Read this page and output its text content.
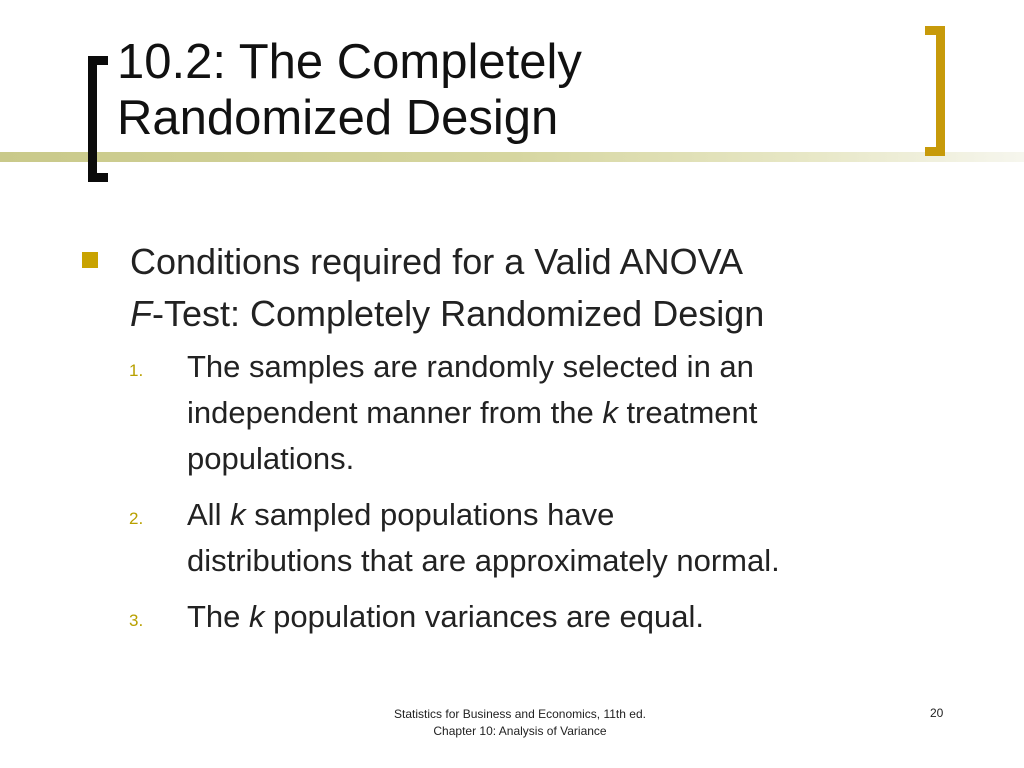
10.2: The Completely
Randomized Design
Conditions required for a Valid ANOVA
F-Test: Completely Randomized Design
1. The samples are randomly selected in an
independent manner from the k treatment
populations.
2. All k sampled populations have
distributions that are approximately normal.
3. The k population variances are equal.
Statistics for Business and Economics, 11th ed.
Chapter 10: Analysis of Variance
20
